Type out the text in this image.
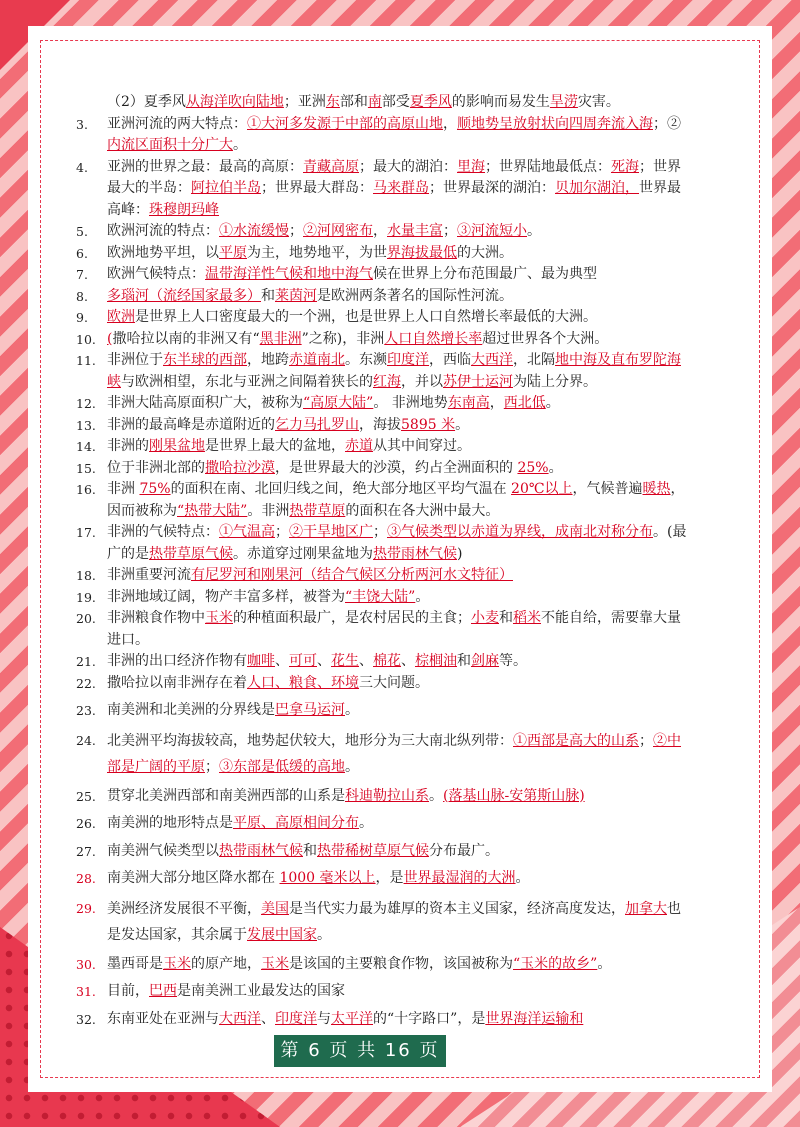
（2）夏季风从海洋吹向陆地；亚洲东部和南部受夏季风的影响而易发生旱涝灾害。
3.	亚洲河流的两大特点：①大河多发源于中部的高原山地，顺地势呈放射状向四周奔流入海；②内流区面积十分广大。
4.	亚洲的世界之最：最高的高原：青藏高原；最大的湖泊：里海；世界陆地最低点：死海；世界最大的半岛：阿拉伯半岛；世界最大群岛：马来群岛；世界最深的湖泊：贝加尔湖泊，世界最高峰：珠穆朗玛峰
5.	欧洲河流的特点：①水流缓慢；②河网密布，水量丰富；③河流短小。
6.	欧洲地势平坦，以平原为主，地势地平，为世界海拔最低的大洲。
7.	欧洲气候特点：温带海洋性气候和地中海气候在世界上分布范围最广、最为典型
8.	多瑙河（流经国家最多）和莱茵河是欧洲两条著名的国际性河流。
9.	欧洲是世界上人口密度最大的一个洲，也是世界上人口自然增长率最低的大洲。
10. (撒哈拉以南的非洲又有“黑非洲”之称)，非洲人口自然增长率超过世界各个大洲。
11. 非洲位于东半球的西部，地跨赤道南北。东濒印度洋，西临大西洋，北隔地中海及直布罗陀海峡与欧洲相望，东北与亚洲之间隔着狭长的红海，并以苏伊士运河为陆上分界。
12. 非洲大陆高原面积广大，被称为“高原大陆”。 非洲地势东南高，西北低。
13. 非洲的最高峰是赤道附近的乞力马扎罗山，海拔5895 米。
14. 非洲的刚果盆地是世界上最大的盆地，赤道从其中间穿过。
15. 位于非洲北部的撒哈拉沙漠，是世界最大的沙漠，约占全洲面积的 25%。
16. 非洲 75%的面积在南、北回归线之间，绝大部分地区平均气温在 20℃以上，气候普遍暖热，因而被称为“热带大陆”。非洲热带草原的面积在各大洲中最大。
17. 非洲的气候特点：①气温高；②干旱地区广；③气候类型以赤道为界线，成南北对称分布。(最广的是热带草原气候。赤道穿过刚果盆地为热带雨林气候)
18. 非洲重要河流有尼罗河和刚果河（结合气候区分析两河水文特征）
19. 非洲地域辽阔，物产丰富多样，被誉为“丰饶大陆”。
20. 非洲粮食作物中玉米的种植面积最广，是农村居民的主食；小麦和稻米不能自给，需要靠大量进口。
21. 非洲的出口经济作物有咖啡、可可、花生、棉花、棕榈油和剑麻等。
22. 撒哈拉以南非洲存在着人口、粮食、环境三大问题。
23. 南美洲和北美洲的分界线是巴拿马运河。
24. 北美洲平均海拔较高，地势起伏较大，地形分为三大南北纵列带：①西部是高大的山系；②中部是广阔的平原；③东部是低缓的高地。
25. 贯穿北美洲西部和南美洲西部的山系是科迪勒拉山系。(落基山脉-安第斯山脉)
26. 南美洲的地形特点是平原、高原相间分布。
27. 南美洲气候类型以热带雨林气候和热带稀树草原气候分布最广。
28. 南美洲大部分地区降水都在 1000 毫米以上，是世界最湿润的大洲。
29. 美洲经济发展很不平衡，美国是当代实力最为雄厚的资本主义国家，经济高度发达，加拿大也是发达国家，其余属于发展中国家。
30. 墨西哥是玉米的原产地，玉米是该国的主要粮食作物，该国被称为“玉米的故乡”。
31. 目前，巴西是南美洲工业最发达的国家
32. 东南亚处在亚洲与大西洋、印度洋与太平洋的“十字路口”，是世界海洋运输和
第 6 页 共 16 页
